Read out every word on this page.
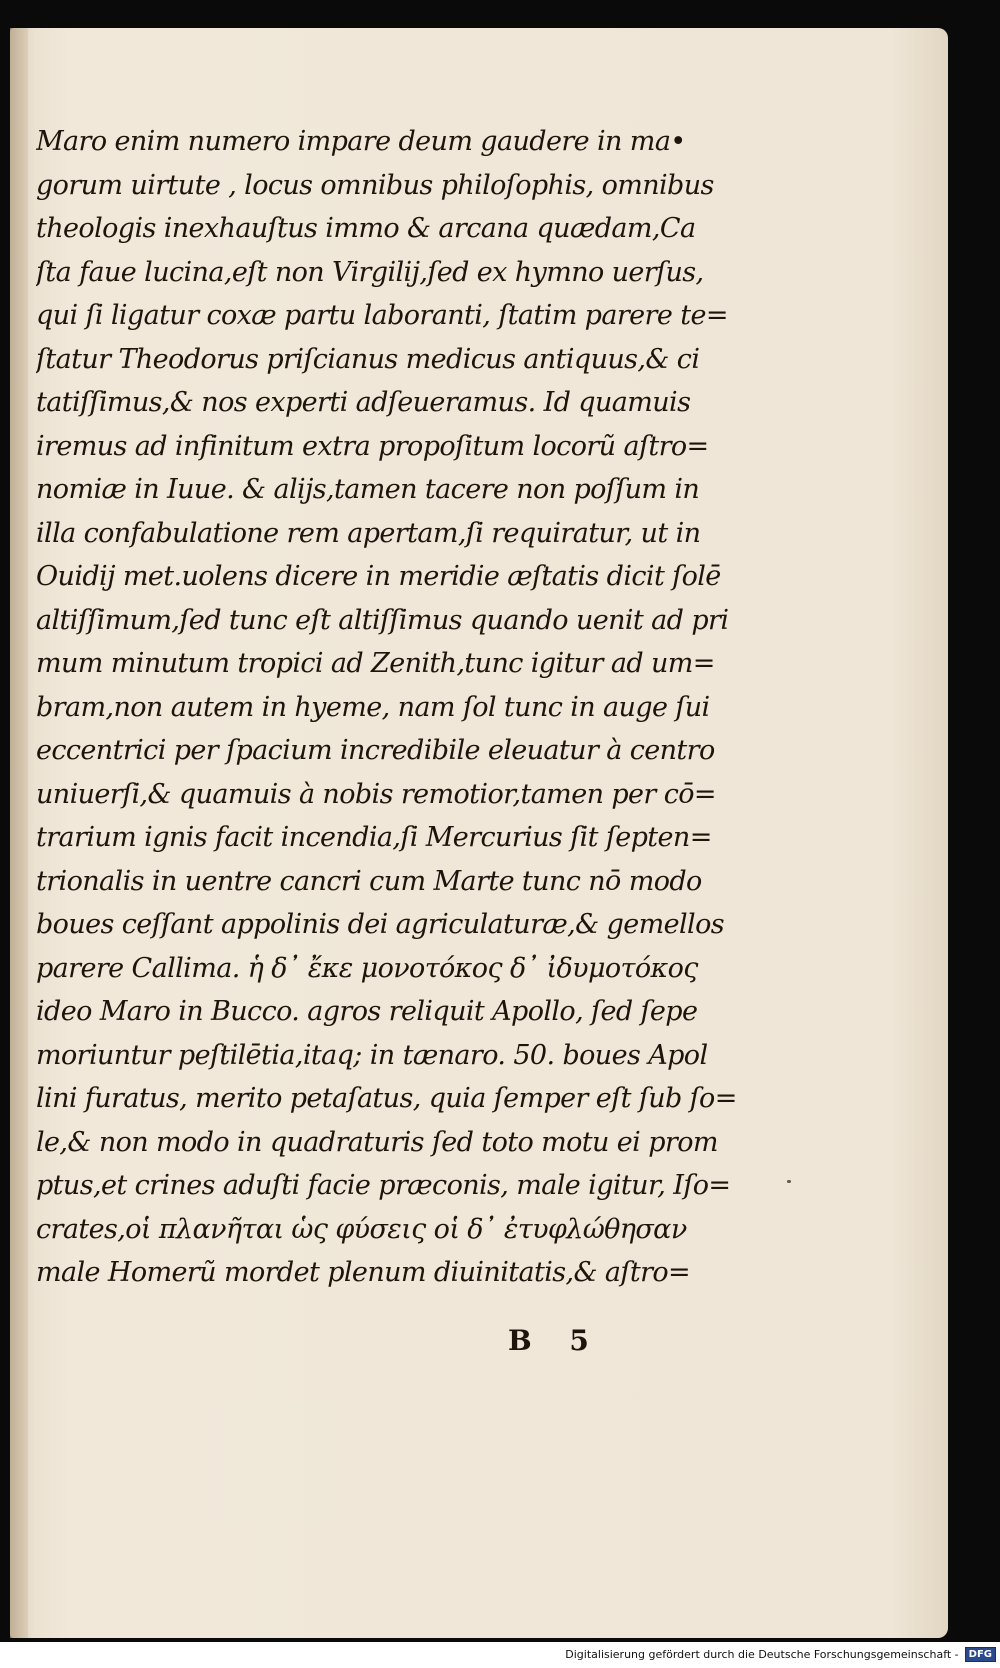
Maro enim numero impare deum gaudere in ma•
gorum uirtute , locus omnibus philoſophis, omnibus
theologis inexhauſtus immo & arcana quædam,Ca
ſta faue lucina,eſt non Virgilij,ſed ex hymno uerſus,
qui ſi ligatur coxæ partu laboranti, ſtatim parere te=
ſtatur Theodorus priſcianus medicus antiquus,& ci
tatiſſimus,& nos experti adſeueramus. Id quamuis
iremus ad infinitum extra propoſitum locorũ aſtro=
nomiæ in Iuue. & alijs,tamen tacere non poſſum in
illa confabulatione rem apertam,ſi requiratur, ut in
Ouidij met.uolens dicere in meridie æſtatis dicit ſolē
altiſſimum,ſed tunc eſt altiſſimus quando uenit ad pri
mum minutum tropici ad Zenith,tunc igitur ad um=
bram,non autem in hyeme, nam ſol tunc in auge ſui
eccentrici per ſpacium incredibile eleuatur à centro
uniuerſi,& quamuis à nobis remotior,tamen per cō=
trarium ignis facit incendia,ſi Mercurius ſit ſepten=
trionalis in uentre cancri cum Marte tunc nō modo
boues ceſſant appolinis dei agriculaturæ,& gemellos
parere Callima. ἡ δ᾽ ἔκε μονοτόκος δ᾽ ἰδυμοτόκος
ideo Maro in Bucco. agros reliquit Apollo, ſed ſepe
moriuntur peſtilētia,itaq; in tænaro. 50. boues Apol
lini furatus, merito petaſatus, quia ſemper eſt ſub ſo=
le,& non modo in quadraturis ſed toto motu ei prom
ptus,et crines aduſti facie præconis, male igitur, Iſo=
crates,οἱ πλανῆται ὡς φύσεις οἱ δ᾽ ἐτυφλώθησαν
male Homerũ mordet plenum diuinitatis,& aſtro=
B 5
Digitalisierung gefördert durch die Deutsche Forschungsgemeinschaft -	DFG
